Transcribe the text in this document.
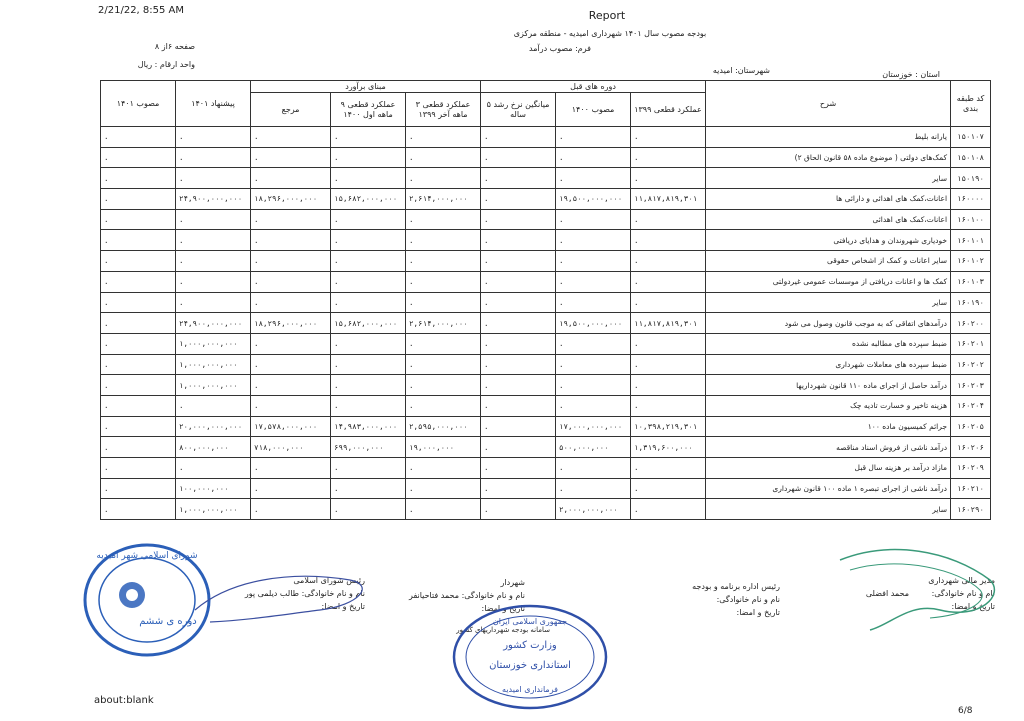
2/21/22, 8:55 AM	Report
بودجه مصوب سال ۱۴۰۱ شهرداری امیدیه - منطقه مرکزی
فرم: مصوب درآمد
صفحه ۶از ۸
واحد ارقام : ریال
استان : خوزستان
شهرستان: امیدیه
کد طبقه بندی	شرح	دوره های قبل			مبنای برآورد			پیشنهاد ۱۴۰۱	مصوب ۱۴۰۱
		عملکرد قطعی ۱۳۹۹	مصوب ۱۴۰۰	میانگین نرخ رشد ۵ ساله	عملکرد قطعی ۳ ماهه آخر ۱۳۹۹	عملکرد قطعی ۹ ماهه اول ۱۴۰۰	مرجع		
۱۵۰۱۰۷	یارانه بلیط	.	.	.	.	.	.	.	.
۱۵۰۱۰۸	کمک‌های دولتی ( موضوع ماده ۵۸ قانون الحاق ۲)	.	.	.	.	.	.	.	.
۱۵۰۱۹۰	سایر	.	.	.	.	.	.	.	.
۱۶۰۰۰۰	اعانات،کمک های اهدائی و دارائی ها	۱۱,۸۱۷,۸۱۹,۳۰۱	۱۹,۵۰۰,۰۰۰,۰۰۰	.	۲,۶۱۴,۰۰۰,۰۰۰	۱۵,۶۸۲,۰۰۰,۰۰۰	۱۸,۲۹۶,۰۰۰,۰۰۰	۲۴,۹۰۰,۰۰۰,۰۰۰	.
۱۶۰۱۰۰	اعانات،کمک های اهدائی	.	.	.	.	.	.	.	.
۱۶۰۱۰۱	خودیاری شهروندان و هدایای دریافتی	.	.	.	.	.	.	.	.
۱۶۰۱۰۲	سایر اعانات و کمک از اشخاص حقوقی	.	.	.	.	.	.	.	.
۱۶۰۱۰۳	کمک ها و اعانات دریافتی از موسسات عمومی غیردولتی	.	.	.	.	.	.	.	.
۱۶۰۱۹۰	سایر	.	.	.	.	.	.	.	.
۱۶۰۲۰۰	درآمدهای اتفاقی که به موجب قانون وصول می شود	۱۱,۸۱۷,۸۱۹,۳۰۱	۱۹,۵۰۰,۰۰۰,۰۰۰	.	۲,۶۱۴,۰۰۰,۰۰۰	۱۵,۶۸۲,۰۰۰,۰۰۰	۱۸,۲۹۶,۰۰۰,۰۰۰	۲۴,۹۰۰,۰۰۰,۰۰۰	.
۱۶۰۲۰۱	ضبط سپرده های مطالبه نشده	.	.	.	.	.	.	۱,۰۰۰,۰۰۰,۰۰۰	.
۱۶۰۲۰۲	ضبط سپرده های معاملات شهرداری	.	.	.	.	.	.	۱,۰۰۰,۰۰۰,۰۰۰	.
۱۶۰۲۰۳	درآمد حاصل از اجرای ماده ۱۱۰ قانون شهرداریها	.	.	.	.	.	.	۱,۰۰۰,۰۰۰,۰۰۰	.
۱۶۰۲۰۴	هزینه تاخیر و خسارت تادیه چک	.	.	.	.	.	.	.	.
۱۶۰۲۰۵	جرائم کمیسیون ماده ۱۰۰	۱۰,۳۹۸,۲۱۹,۳۰۱	۱۷,۰۰۰,۰۰۰,۰۰۰	.	۲,۵۹۵,۰۰۰,۰۰۰	۱۴,۹۸۳,۰۰۰,۰۰۰	۱۷,۵۷۸,۰۰۰,۰۰۰	۲۰,۰۰۰,۰۰۰,۰۰۰	.
۱۶۰۲۰۶	درآمد ناشی از فروش اسناد مناقصه	۱,۳۱۹,۶۰۰,۰۰۰	۵۰۰,۰۰۰,۰۰۰	.	۱۹,۰۰۰,۰۰۰	۶۹۹,۰۰۰,۰۰۰	۷۱۸,۰۰۰,۰۰۰	۸۰۰,۰۰۰,۰۰۰	.
۱۶۰۲۰۹	مازاد درآمد بر هزینه سال قبل	.	.	.	.	.	.	.	.
۱۶۰۲۱۰	درآمد ناشی از اجرای تبصره ۱ ماده ۱۰۰ قانون شهرداری	.	.	.	.	.	.	۱۰۰,۰۰۰,۰۰۰	.
۱۶۰۲۹۰	سایر	.	۲,۰۰۰,۰۰۰,۰۰۰	.	.	.	.	۱,۰۰۰,۰۰۰,۰۰۰	.
مدیر مالی شهرداری
نام و نام خانوادگی: محمد افضلی
تاریخ و امضا:
رئیس اداره برنامه و بودجه
نام و نام خانوادگی:
تاریخ و امضا:
شهردار
نام و نام خانوادگی: محمد فتاحیانفر
تاریخ و امضا:
سامانه بودجه شهرداریهای کشور
رئیس شورای اسلامی
نام و نام خانوادگی: طالب دیلمی پور
تاریخ و امضا:
شورای اسلامی شهر امیدیه
دوره ی ششم	جمهوری اسلامی ایران
وزارت کشور
استانداری خوزستان
فرمانداری امیدیه
about:blank
6/8
